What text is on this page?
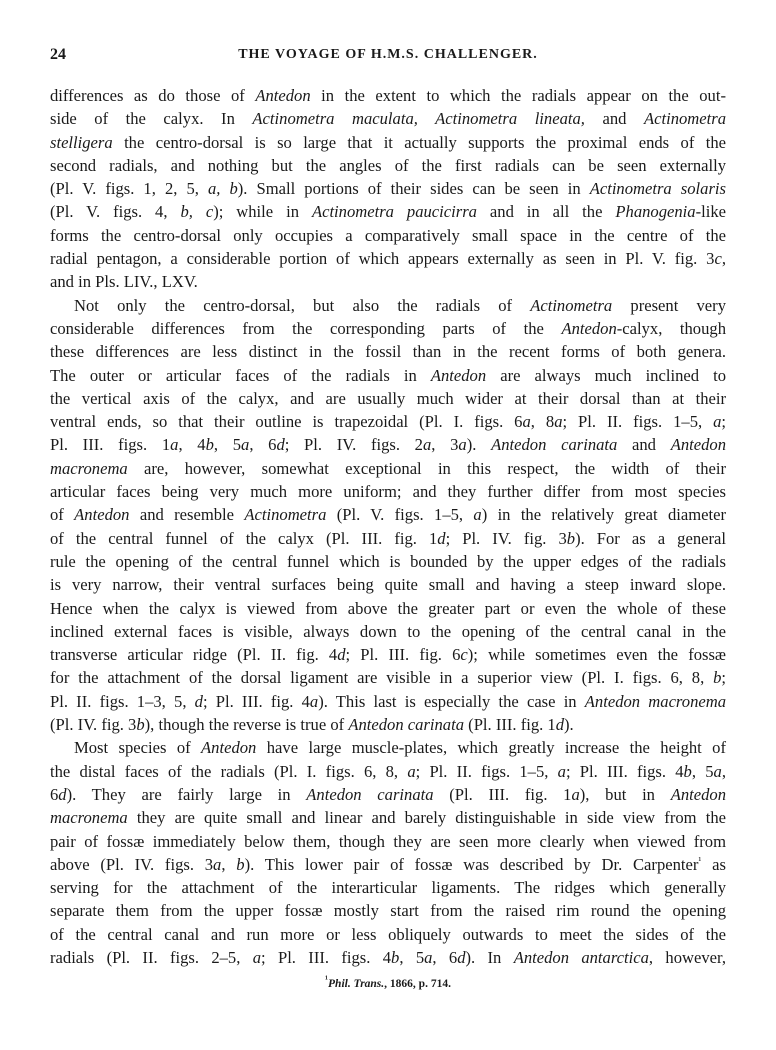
24	THE VOYAGE OF H.M.S. CHALLENGER.

differences as do those of Antedon in the extent to which the radials appear on the out-

side of the calyx. In Actinometra maculata, Actinometra lineata, and Actinometra

stelligera the centro-dorsal is so large that it actually supports the proximal ends of the

second radials, and nothing but the angles of the first radials can be seen externally

(Pl. V. figs. 1, 2, 5, a, b). Small portions of their sides can be seen in Actinometra solaris

(Pl. V. figs. 4, b, c); while in Actinometra paucicirra and in all the Phanogenia-like

forms the centro-dorsal only occupies a comparatively small space in the centre of the

radial pentagon, a considerable portion of which appears externally as seen in Pl. V. fig. 3c,

and in Pls. LIV., LXV.

Not only the centro-dorsal, but also the radials of Actinometra present very

considerable differences from the corresponding parts of the Antedon-calyx, though

these differences are less distinct in the fossil than in the recent forms of both genera.

The outer or articular faces of the radials in Antedon are always much inclined to

the vertical axis of the calyx, and are usually much wider at their dorsal than at their

ventral ends, so that their outline is trapezoidal (Pl. I. figs. 6a, 8a; Pl. II. figs. 1–5, a;

Pl. III. figs. 1a, 4b, 5a, 6d; Pl. IV. figs. 2a, 3a). Antedon carinata and Antedon

macronema are, however, somewhat exceptional in this respect, the width of their

articular faces being very much more uniform; and they further differ from most species

of Antedon and resemble Actinometra (Pl. V. figs. 1–5, a) in the relatively great diameter

of the central funnel of the calyx (Pl. III. fig. 1d; Pl. IV. fig. 3b). For as a general

rule the opening of the central funnel which is bounded by the upper edges of the radials

is very narrow, their ventral surfaces being quite small and having a steep inward slope.

Hence when the calyx is viewed from above the greater part or even the whole of these

inclined external faces is visible, always down to the opening of the central canal in the

transverse articular ridge (Pl. II. fig. 4d; Pl. III. fig. 6c); while sometimes even the fossæ

for the attachment of the dorsal ligament are visible in a superior view (Pl. I. figs. 6, 8, b;

Pl. II. figs. 1–3, 5, d; Pl. III. fig. 4a). This last is especially the case in Antedon macronema

(Pl. IV. fig. 3b), though the reverse is true of Antedon carinata (Pl. III. fig. 1d).

Most species of Antedon have large muscle-plates, which greatly increase the height of

the distal faces of the radials (Pl. I. figs. 6, 8, a; Pl. II. figs. 1–5, a; Pl. III. figs. 4b, 5a,

6d). They are fairly large in Antedon carinata (Pl. III. fig. 1a), but in Antedon

macronema they are quite small and linear and barely distinguishable in side view from the

pair of fossæ immediately below them, though they are seen more clearly when viewed from

above (Pl. IV. figs. 3a, b). This lower pair of fossæ was described by Dr. Carpenter$^{^1}$ as

serving for the attachment of the interarticular ligaments. The ridges which generally

separate them from the upper fossæ mostly start from the raised rim round the opening

of the central canal and run more or less obliquely outwards to meet the sides of the

radials (Pl. II. figs. 2–5, a; Pl. III. figs. 4b, 5a, 6d). In Antedon antarctica, however,

$^{^1}$Phil. Trans., 1866, p. 714.
